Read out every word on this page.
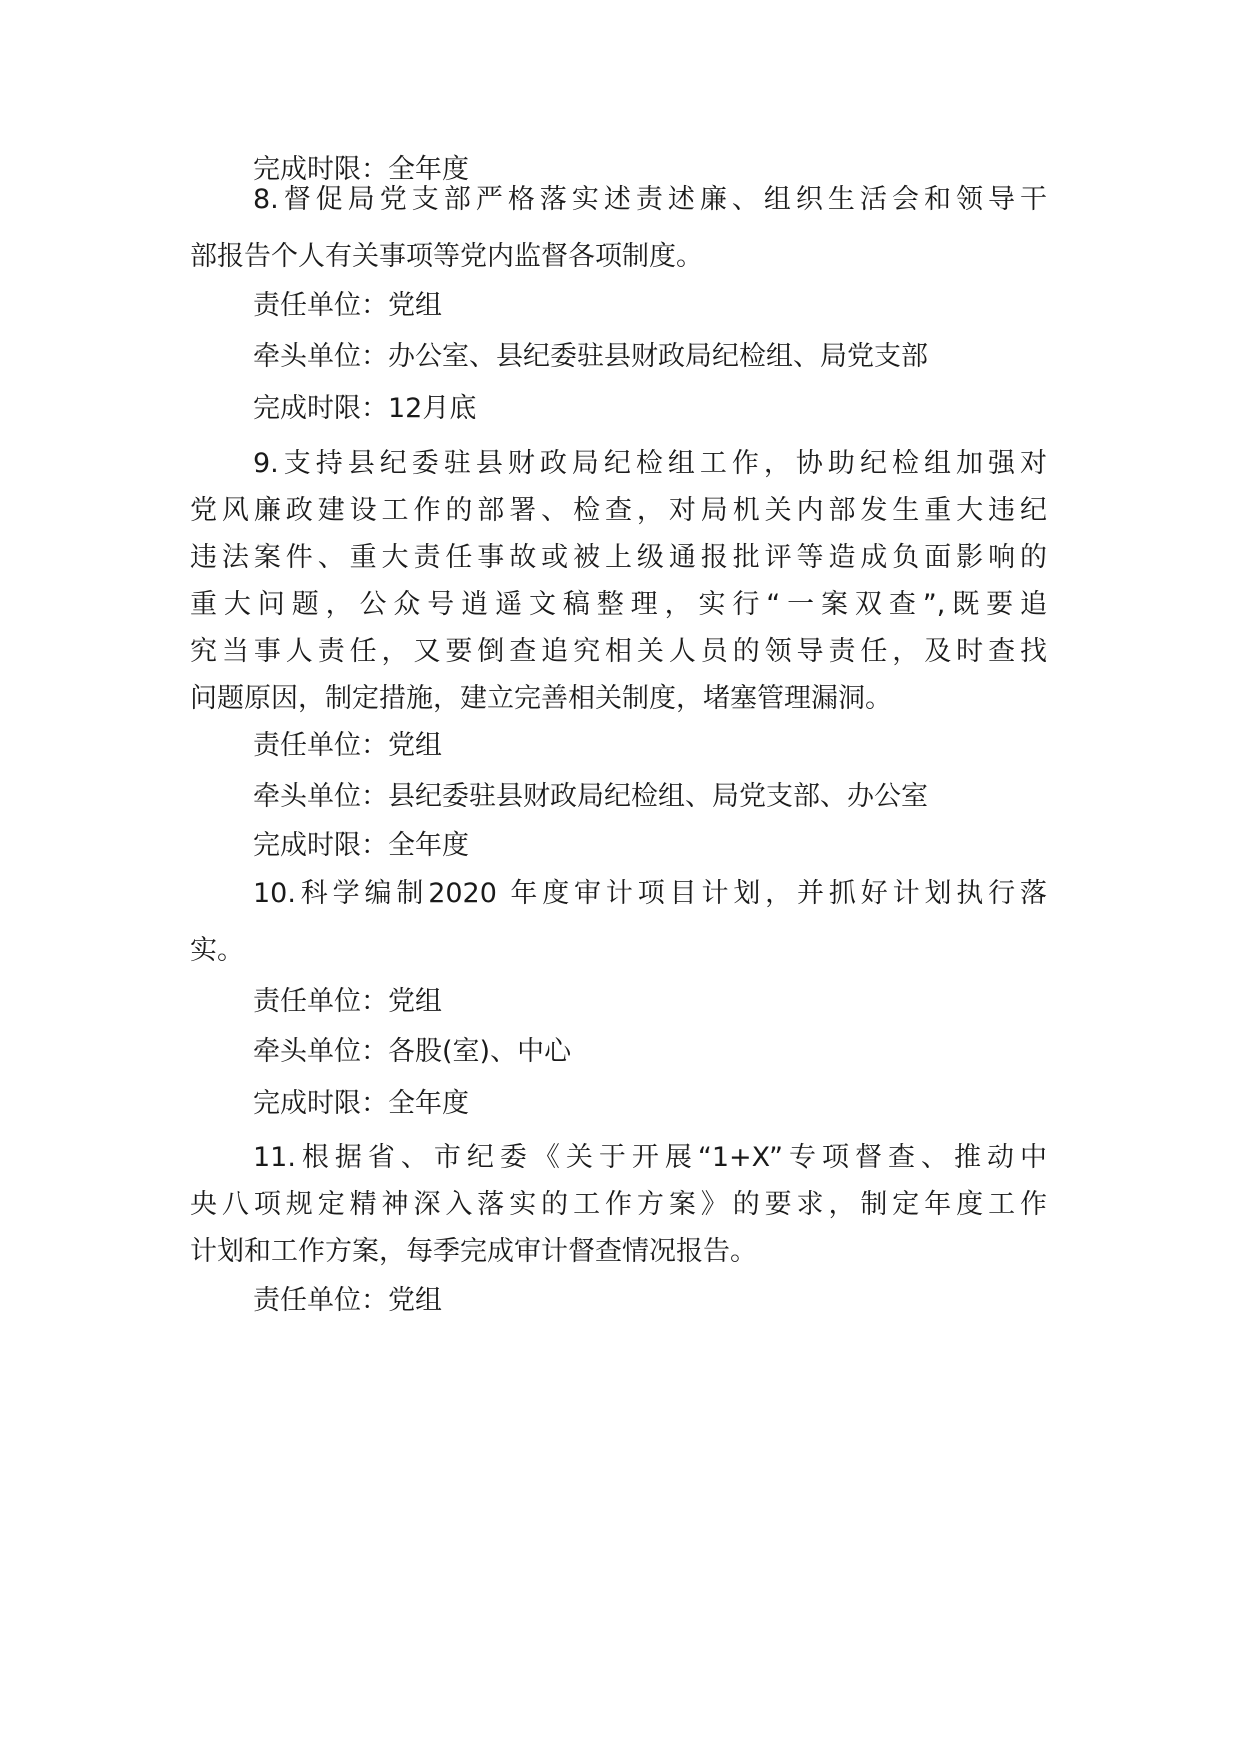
完成时限：全年度
8.督促局党支部严格落实述责述廉、组织生活会和领导干
部报告个人有关事项等党内监督各项制度。
责任单位：党组
牵头单位：办公室、县纪委驻县财政局纪检组、局党支部
完成时限：12月底
9.支持县纪委驻县财政局纪检组工作，协助纪检组加强对
党风廉政建设工作的部署、检查，对局机关内部发生重大违纪
违法案件、重大责任事故或被上级通报批评等造成负面影响的
重大问题，公众号逍遥文稿整理，实行“一案双查”,既要追
究当事人责任，又要倒查追究相关人员的领导责任，及时查找
问题原因，制定措施，建立完善相关制度，堵塞管理漏洞。
责任单位：党组
牵头单位：县纪委驻县财政局纪检组、局党支部、办公室
完成时限：全年度
10.科学编制2020 年度审计项目计划，并抓好计划执行落
实。
责任单位：党组
牵头单位：各股(室)、中心
完成时限：全年度
11.根据省、市纪委《关于开展“1+X”专项督查、推动中
央八项规定精神深入落实的工作方案》的要求，制定年度工作
计划和工作方案，每季完成审计督查情况报告。
责任单位：党组
